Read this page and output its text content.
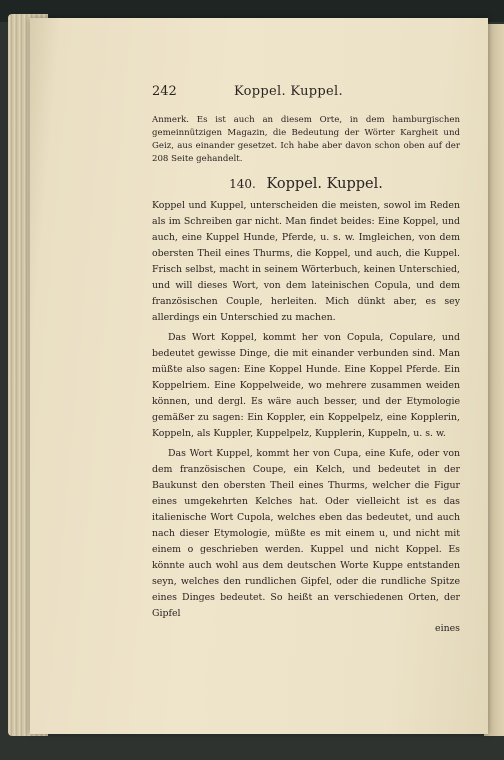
242	Koppel. Kuppel.

Anmerk. Es ist auch an diesem Orte, in dem hamburgischen gemeinnützigen Magazin, die Bedeutung der Wörter Kargheit und Geiz, aus einander gesetzet. Ich habe aber davon schon oben auf der 208 Seite gehandelt.

140. Koppel. Kuppel.

Koppel und Kuppel, unterscheiden die meisten, sowol im Reden als im Schreiben gar nicht. Man findet beides: Eine Koppel, und auch, eine Kuppel Hunde, Pferde, u. s. w. Imgleichen, von dem obersten Theil eines Thurms, die Koppel, und auch, die Kuppel. Frisch selbst, macht in seinem Wörterbuch, keinen Unterschied, und will dieses Wort, von dem lateinischen Copula, und dem französischen Couple, herleiten. Mich dünkt aber, es sey allerdings ein Unterschied zu machen.

Das Wort Koppel, kommt her von Copula, Copulare, und bedeutet gewisse Dinge, die mit einander verbunden sind. Man müßte also sagen: Eine Koppel Hunde. Eine Koppel Pferde. Ein Koppelriem. Eine Koppelweide, wo mehrere zusammen weiden können, und dergl. Es wäre auch besser, und der Etymologie gemäßer zu sagen: Ein Koppler, ein Koppelpelz, eine Kopplerin, Koppeln, als Kuppler, Kuppelpelz, Kupplerin, Kuppeln, u. s. w.

Das Wort Kuppel, kommt her von Cupa, eine Kufe, oder von dem französischen Coupe, ein Kelch, und bedeutet in der Baukunst den obersten Theil eines Thurms, welcher die Figur eines umgekehrten Kelches hat. Oder vielleicht ist es das italienische Wort Cupola, welches eben das bedeutet, und auch nach dieser Etymologie, müßte es mit einem u, und nicht mit einem o geschrieben werden. Kuppel und nicht Koppel. Es könnte auch wohl aus dem deutschen Worte Kuppe entstanden seyn, welches den rundlichen Gipfel, oder die rundliche Spitze eines Dinges bedeutet. So heißt an verschiedenen Orten, der Gipfel

eines
